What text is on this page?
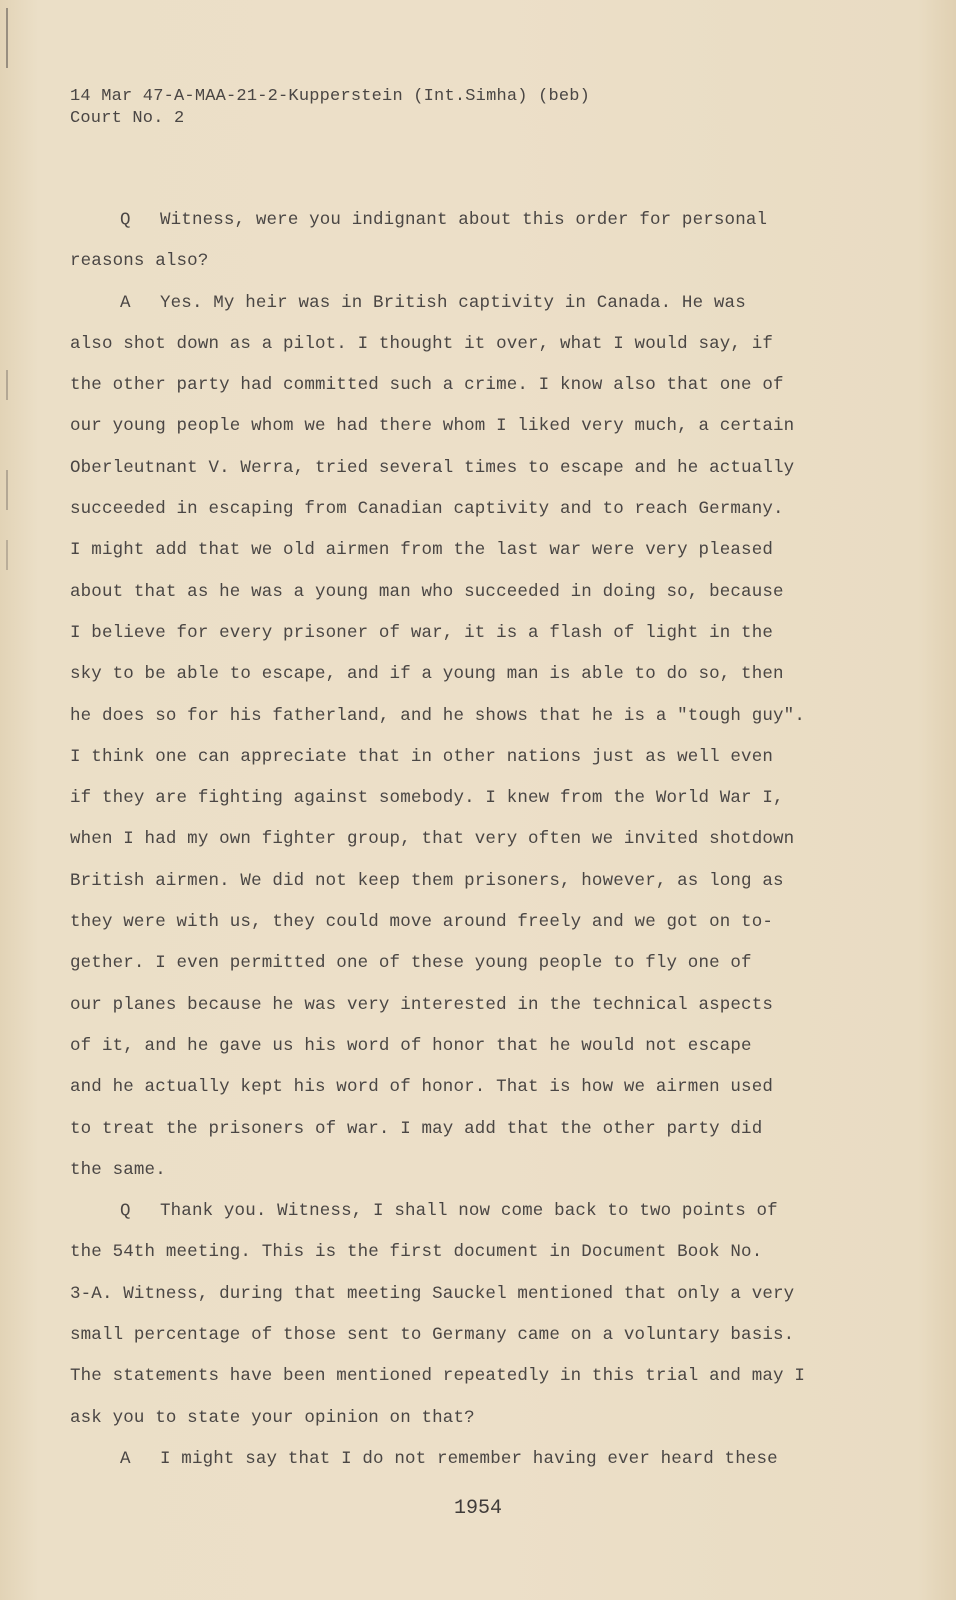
14 Mar 47-A-MAA-21-2-Kupperstein (Int.Simha) (beb)
Court No. 2
Q Witness, were you indignant about this order for personal
reasons also?
A Yes. My heir was in British captivity in Canada. He was
also shot down as a pilot. I thought it over, what I would say, if
the other party had committed such a crime. I know also that one of
our young people whom we had there whom I liked very much, a certain
Oberleutnant V. Werra, tried several times to escape and he actually
succeeded in escaping from Canadian captivity and to reach Germany.
I might add that we old airmen from the last war were very pleased
about that as he was a young man who succeeded in doing so, because
I believe for every prisoner of war, it is a flash of light in the
sky to be able to escape, and if a young man is able to do so, then
he does so for his fatherland, and he shows that he is a "tough guy".
I think one can appreciate that in other nations just as well even
if they are fighting against somebody. I knew from the World War I,
when I had my own fighter group, that very often we invited shotdown
British airmen. We did not keep them prisoners, however, as long as
they were with us, they could move around freely and we got on to-
gether. I even permitted one of these young people to fly one of
our planes because he was very interested in the technical aspects
of it, and he gave us his word of honor that he would not escape
and he actually kept his word of honor. That is how we airmen used
to treat the prisoners of war. I may add that the other party did
the same.
Q Thank you. Witness, I shall now come back to two points of
the 54th meeting. This is the first document in Document Book No.
3-A. Witness, during that meeting Sauckel mentioned that only a very
small percentage of those sent to Germany came on a voluntary basis.
The statements have been mentioned repeatedly in this trial and may I
ask you to state your opinion on that?
A I might say that I do not remember having ever heard these
1954
